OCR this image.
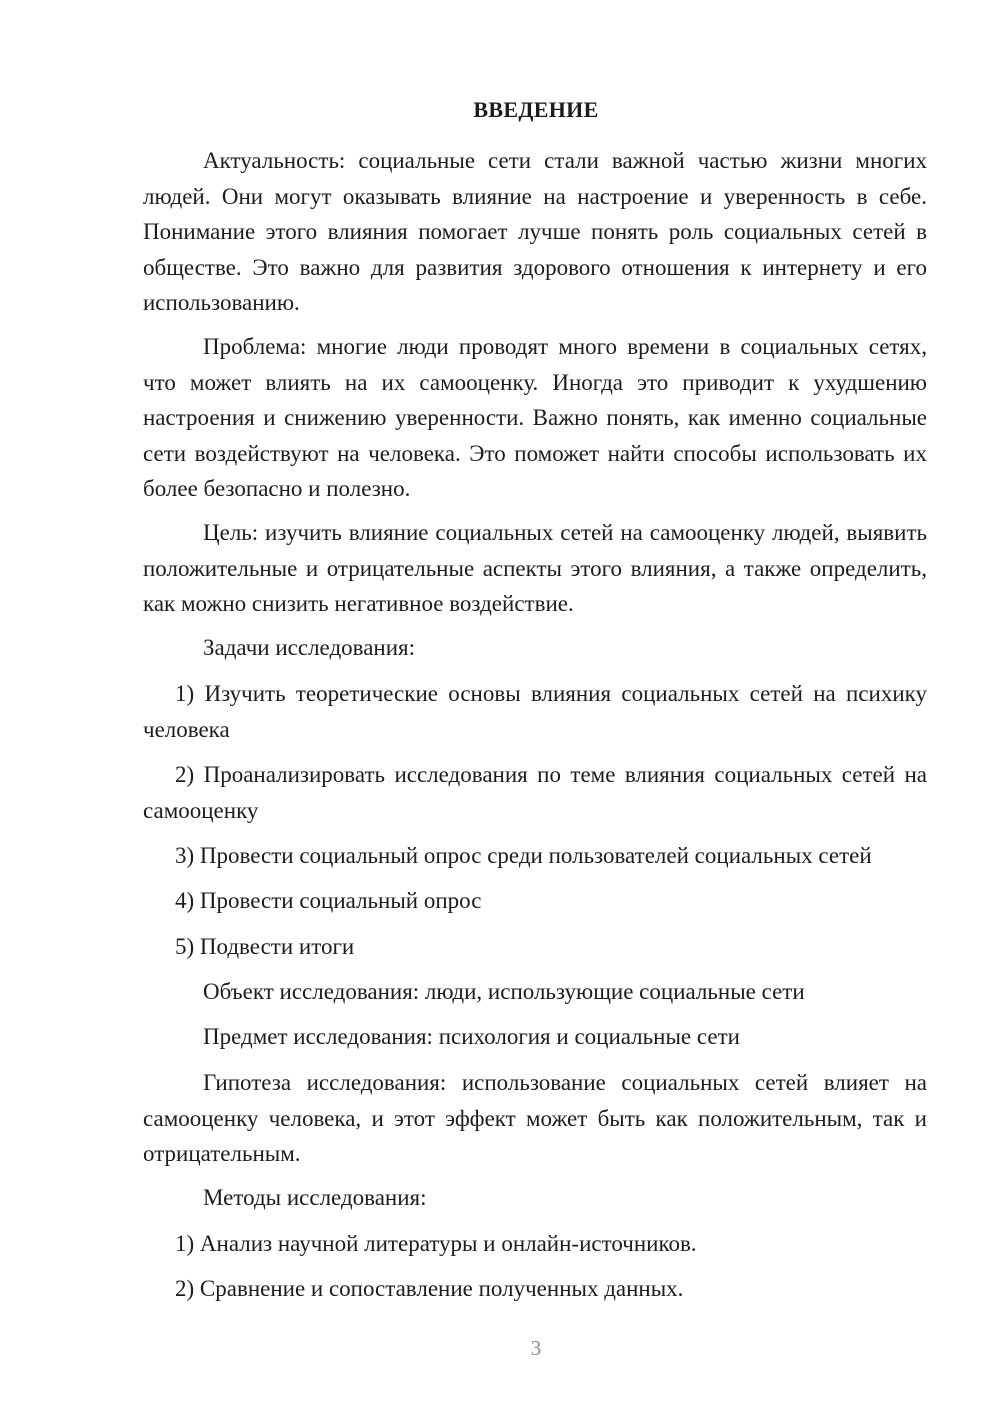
ВВЕДЕНИЕ

Актуальность: социальные сети стали важной частью жизни многих людей. Они могут оказывать влияние на настроение и уверенность в себе. Понимание этого влияния помогает лучше понять роль социальных сетей в обществе. Это важно для развития здорового отношения к интернету и его использованию.

Проблема: многие люди проводят много времени в социальных сетях, что может влиять на их самооценку. Иногда это приводит к ухудшению настроения и снижению уверенности. Важно понять, как именно социальные сети воздействуют на человека. Это поможет найти способы использовать их более безопасно и полезно.

Цель: изучить влияние социальных сетей на самооценку людей, выявить положительные и отрицательные аспекты этого влияния, а также определить, как можно снизить негативное воздействие.

Задачи исследования:

1) Изучить теоретические основы влияния социальных сетей на психику человека

2) Проанализировать исследования по теме влияния социальных сетей на самооценку

3) Провести социальный опрос среди пользователей социальных сетей

4) Провести социальный опрос

5) Подвести итоги

Объект исследования: люди, использующие социальные сети

Предмет исследования: психология и социальные сети

Гипотеза исследования: использование социальных сетей влияет на самооценку человека, и этот эффект может быть как положительным, так и отрицательным.

Методы исследования:

1) Анализ научной литературы и онлайн-источников.

2) Сравнение и сопоставление полученных данных.

3
